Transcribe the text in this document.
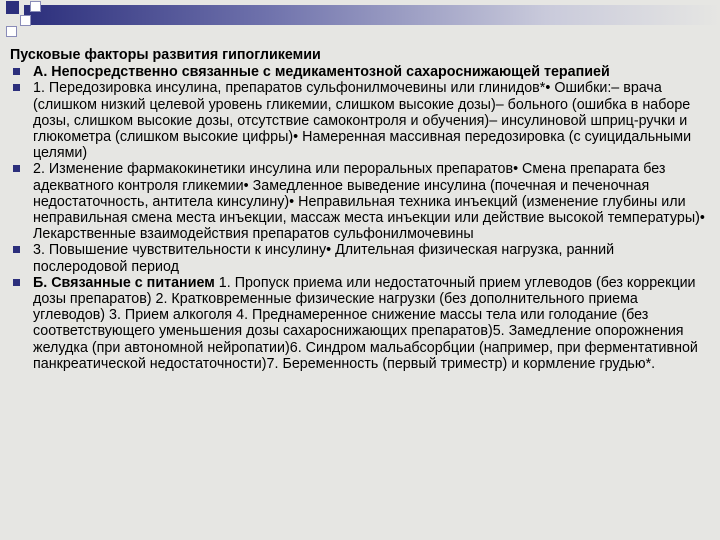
Пусковые факторы развития гипогликемии
А. Непосредственно связанные с медикаментозной сахароснижающей терапией
1. Передозировка инсулина, препаратов сульфонилмочевины или глинидов*• Ошибки:– врача (слишком низкий целевой уровень гликемии, слишком высокие дозы)– больного (ошибка в наборе дозы, слишком высокие дозы, отсутствие самоконтроля и обучения)– инсулиновой шприц-ручки и глюкометра (слишком высокие цифры)• Намеренная массивная передозировка (с суицидальными целями)
2. Изменение фармакокинетики инсулина или пероральных препаратов• Смена препарата без адекватного контроля гликемии• Замедленное выведение инсулина (почечная и печеночная недостаточность, антитела кинсулину)• Неправильная техника инъекций (изменение глубины или неправильная смена места инъекции, массаж места инъекции или действие высокой температуры)• Лекарственные взаимодействия препаратов сульфонилмочевины
3. Повышение чувствительности к инсулину• Длительная физическая нагрузка, ранний послеродовой период
Б. Связанные с питанием 1. Пропуск приема или недостаточный прием углеводов (без коррекции дозы препаратов) 2. Кратковременные физические нагрузки (без дополнительного приема углеводов) 3. Прием алкоголя 4. Преднамеренное снижение массы тела или голодание (без соответствующего уменьшения дозы сахароснижающих препаратов)5. Замедление опорожнения желудка (при автономной нейропатии)6. Синдром мальабсорбции (например, при ферментативной панкреатической недостаточности)7. Беременность (первый триместр) и кормление грудью*.
